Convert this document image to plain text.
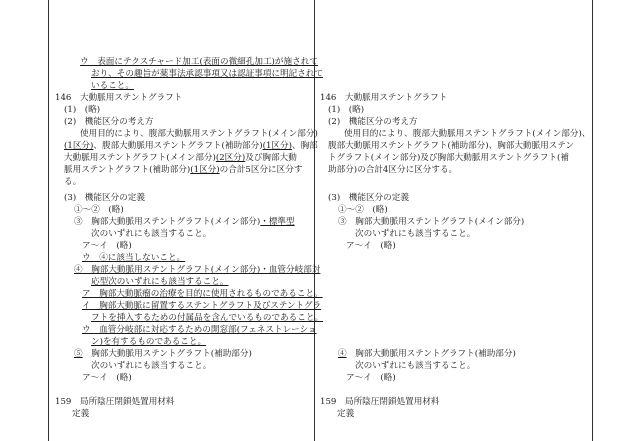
ウ　表面にテクスチャード加工(表面の微細孔加工)が施されて
おり、その趣旨が薬事法承認事項又は認証事項に明記されて
いること。
146　大動脈用ステントグラフト
(1)　(略)
(2)　機能区分の考え方
使用目的により、腹部大動脈用ステントグラフト(メイン部分)
(1区分)、腹部大動脈用ステントグラフト(補助部分)(1区分)、胸部
大動脈用ステントグラフト(メイン部分)(2区分)及び胸部大動
脈用ステントグラフト(補助部分)(1区分)の合計5区分に区分す
る。
(3)　機能区分の定義
①～②　(略)
③　胸部大動脈用ステントグラフト(メイン部分)・標準型
次のいずれにも該当すること。
ア～イ　(略)
ウ　④に該当しないこと。
④　胸部大動脈用ステントグラフト(メイン部分)・血管分岐部対
応型次のいずれにも該当すること。
ア　胸部大動脈瘤の治療を目的に使用されるものであること。
イ　胸部大動脈に留置するステントグラフト及びステントグラ
フトを挿入するための付属品を含んでいるものであること。
ウ　血管分岐部に対応するための開窓部(フェネストレーショ
ン)を有するものであること。
⑤　胸部大動脈用ステントグラフト(補助部分)
次のいずれにも該当すること。
ア～イ　(略)
159　局所陰圧閉鎖処置用材料
定義
146　大動脈用ステントグラフト
(1)　(略)
(2)　機能区分の考え方
使用目的により、腹部大動脈用ステントグラフト(メイン部分)、
腹部大動脈用ステントグラフト(補助部分)、胸部大動脈用ステン
トグラフト(メイン部分)及び胸部大動脈用ステントグラフト(補
助部分)の合計4区分に区分する。
(3)　機能区分の定義
①～②　(略)
③　胸部大動脈用ステントグラフト(メイン部分)
次のいずれにも該当すること。
ア～イ　(略)
④　胸部大動脈用ステントグラフト(補助部分)
次のいずれにも該当すること。
ア～イ　(略)
159　局所陰圧閉鎖処置用材料
定義
